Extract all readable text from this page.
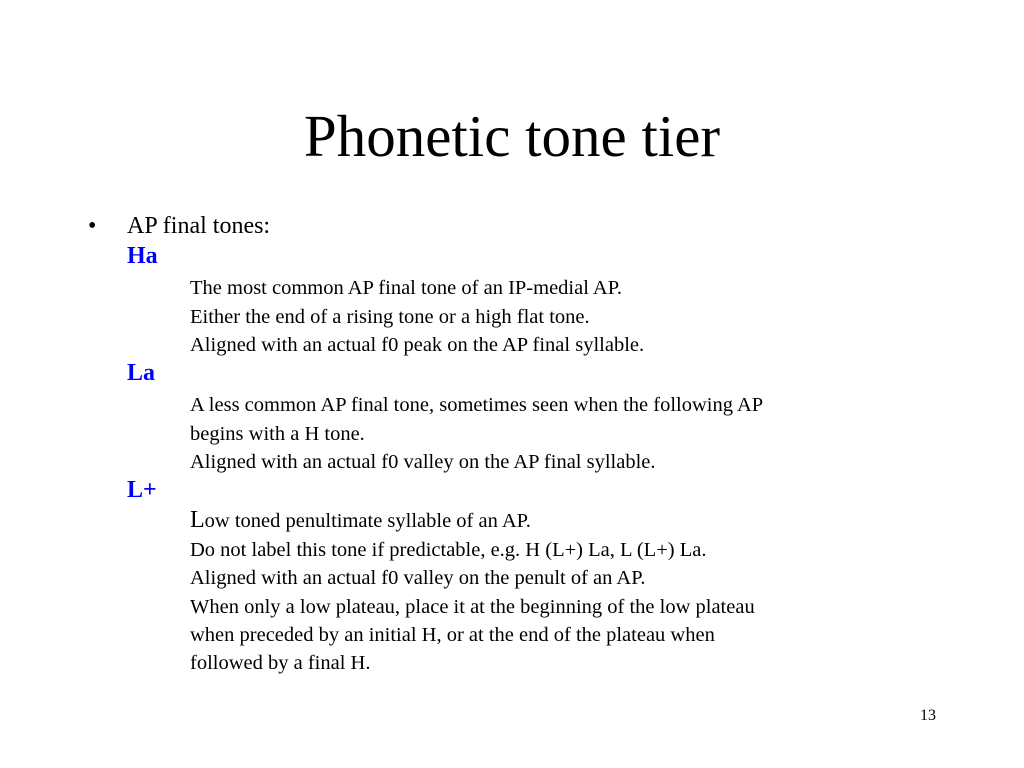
Phonetic tone tier
• AP final tones:
Ha
The most common AP final tone of an IP-medial AP.
Either the end of a rising tone or a high flat tone.
Aligned with an actual f0 peak on the AP final syllable.
La
A less common AP final tone, sometimes seen when the following AP
begins with a H tone.
Aligned with an actual f0 valley on the AP final syllable.
L+
Low toned penultimate syllable of an AP.
Do not label this tone if predictable, e.g. H (L+) La, L (L+) La.
Aligned with an actual f0 valley on the penult of an AP.
When only a low plateau, place it at the beginning of the low plateau
when preceded by an initial H, or at the end of the plateau when
followed by a final H.
13
